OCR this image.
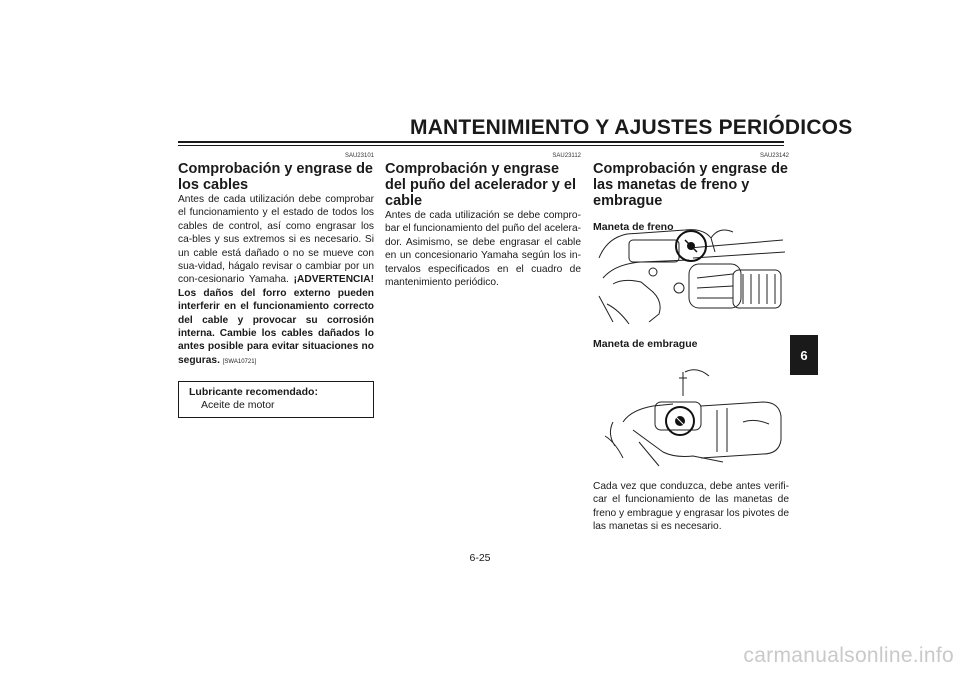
MANTENIMIENTO Y AJUSTES PERIÓDICOS
SAU23101
Comprobación y engrase de los cables

Antes de cada utilización debe comprobar el funcionamiento y el estado de todos los cables de control, así como engrasar los ca-bles y sus extremos si es necesario. Si un cable está dañado o no se mueve con sua-vidad, hágalo revisar o cambiar por un con-cesionario Yamaha. ¡ADVERTENCIA! Los daños del forro externo pueden interferir en el funcionamiento correcto del cable y provocar su corrosión interna. Cambie los cables dañados lo antes posible para evitar situaciones no seguras. [SWA10721]

Lubricante recomendado:
Aceite de motor
SAU23112
Comprobación y engrase del puño del acelerador y el cable

Antes de cada utilización se debe compro-bar el funcionamiento del puño del acelera-dor. Asimismo, se debe engrasar el cable en un concesionario Yamaha según los in-tervalos especificados en el cuadro de mantenimiento periódico.

SAU23142
Comprobación y engrase de las manetas de freno y embrague
Maneta de freno
Maneta de embrague

Cada vez que conduzca, debe antes verifi-car el funcionamiento de las manetas de freno y embrague y engrasar los pivotes de las manetas si es necesario.

6
6-25
carmanualsonline.info
